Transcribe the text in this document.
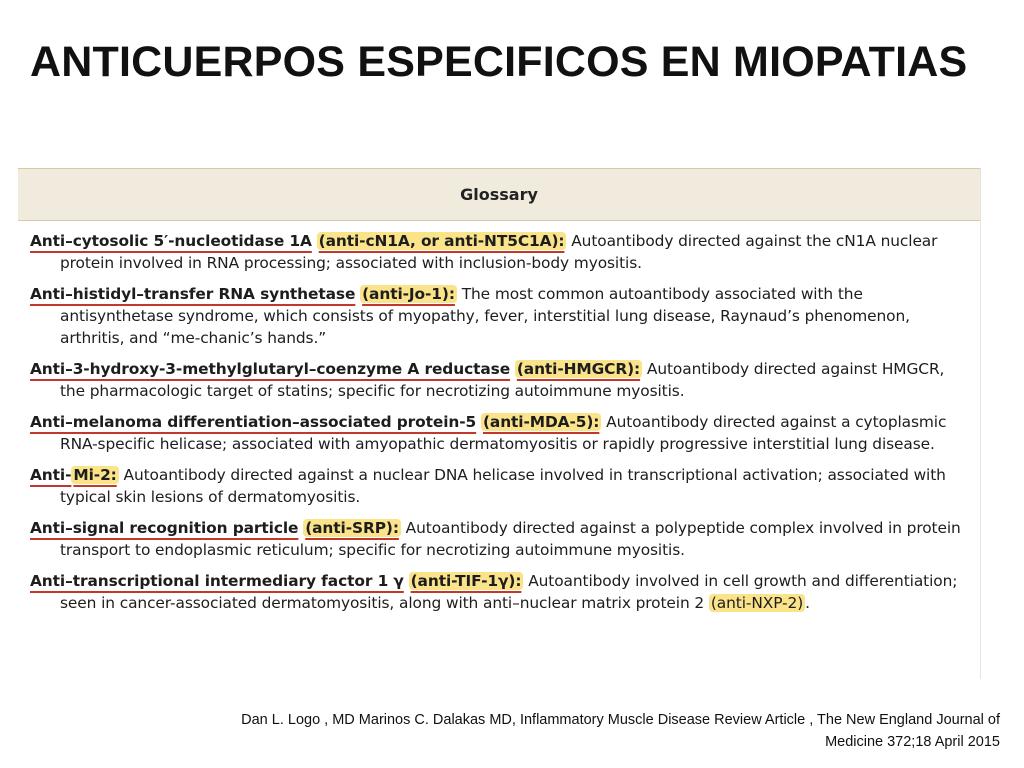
ANTICUERPOS ESPECIFICOS EN MIOPATIAS
Glossary
Anti–cytosolic 5′-nucleotidase 1A (anti-cN1A, or anti-NT5C1A): Autoantibody directed against the cN1A nuclear protein involved in RNA processing; associated with inclusion-body myositis.
Anti–histidyl–transfer RNA synthetase (anti-Jo-1): The most common autoantibody associated with the antisynthetase syndrome, which consists of myopathy, fever, interstitial lung disease, Raynaud’s phenomenon, arthritis, and “me-chanic’s hands.”
Anti–3-hydroxy-3-methylglutaryl–coenzyme A reductase (anti-HMGCR): Autoantibody directed against HMGCR, the pharmacologic target of statins; specific for necrotizing autoimmune myositis.
Anti–melanoma differentiation–associated protein-5 (anti-MDA-5): Autoantibody directed against a cytoplasmic RNA-specific helicase; associated with amyopathic dermatomyositis or rapidly progressive interstitial lung disease.
Anti- Mi-2: Autoantibody directed against a nuclear DNA helicase involved in transcriptional activation; associated with typical skin lesions of dermatomyositis.
Anti–signal recognition particle (anti-SRP): Autoantibody directed against a polypeptide complex involved in protein transport to endoplasmic reticulum; specific for necrotizing autoimmune myositis.
Anti–transcriptional intermediary factor 1 γ (anti-TIF-1γ): Autoantibody involved in cell growth and differentiation; seen in cancer-associated dermatomyositis, along with anti–nuclear matrix protein 2 (anti-NXP-2) .
Dan L. Logo , MD Marinos C. Dalakas MD, Inflammatory Muscle Disease Review Article , The New England Journal of
Medicine 372;18 April 2015
